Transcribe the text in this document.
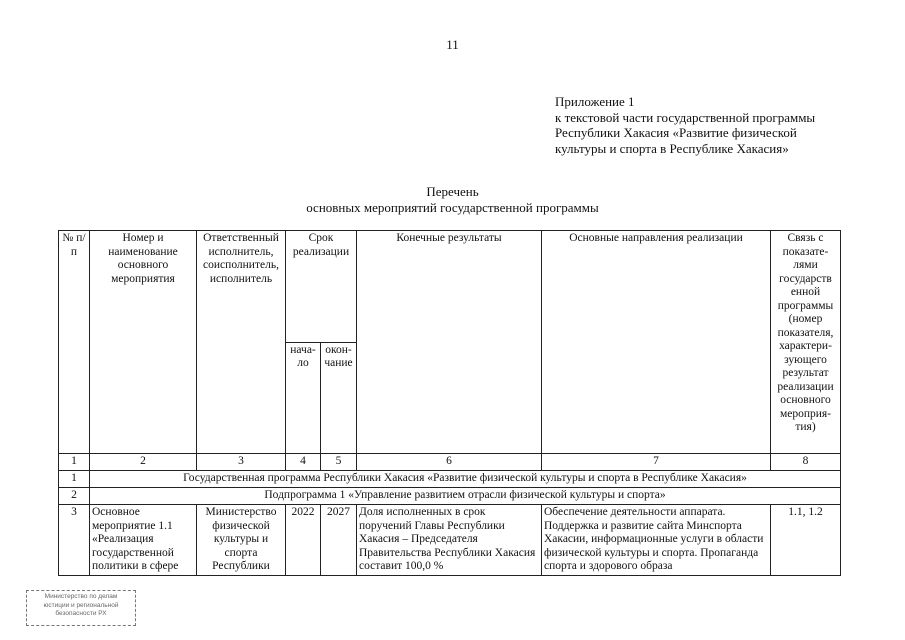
11
Приложение 1
к текстовой части государственной программы
Республики Хакасия «Развитие физической
культуры и спорта в Республике Хакасия»
Перечень
основных мероприятий государственной программы
№ п/п	Номер и наименование основного мероприятия	Ответственный исполнитель, соисполнитель, исполнитель	Срок реализации		Конечные результаты	Основные направления реализации	Связь с показате-лями государств енной программы (номер показателя, характери-зующего результат реализации основного мероприя-тия)
			нача-ло	окон-чание			
1	2	3	4	5	6	7	8
1	Государственная программа Республики Хакасия «Развитие физической культуры и спорта в Республике Хакасия»						
2	Подпрограмма 1 «Управление развитием отрасли физической культуры и спорта»						
3	Основное мероприятие 1.1 «Реализация государственной политики в сфере	Министерство физической культуры и спорта Республики	2022	2027	Доля исполненных в срок поручений Главы Республики Хакасия – Председателя Правительства Республики Хакасия составит 100,0 %	Обеспечение деятельности аппарата. Поддержка и развитие сайта Минспорта Хакасии, информационные услуги в области физической культуры и спорта. Пропаганда спорта и здорового образа	1.1, 1.2
Министерство по делам
юстиции и региональной
безопасности РХ
